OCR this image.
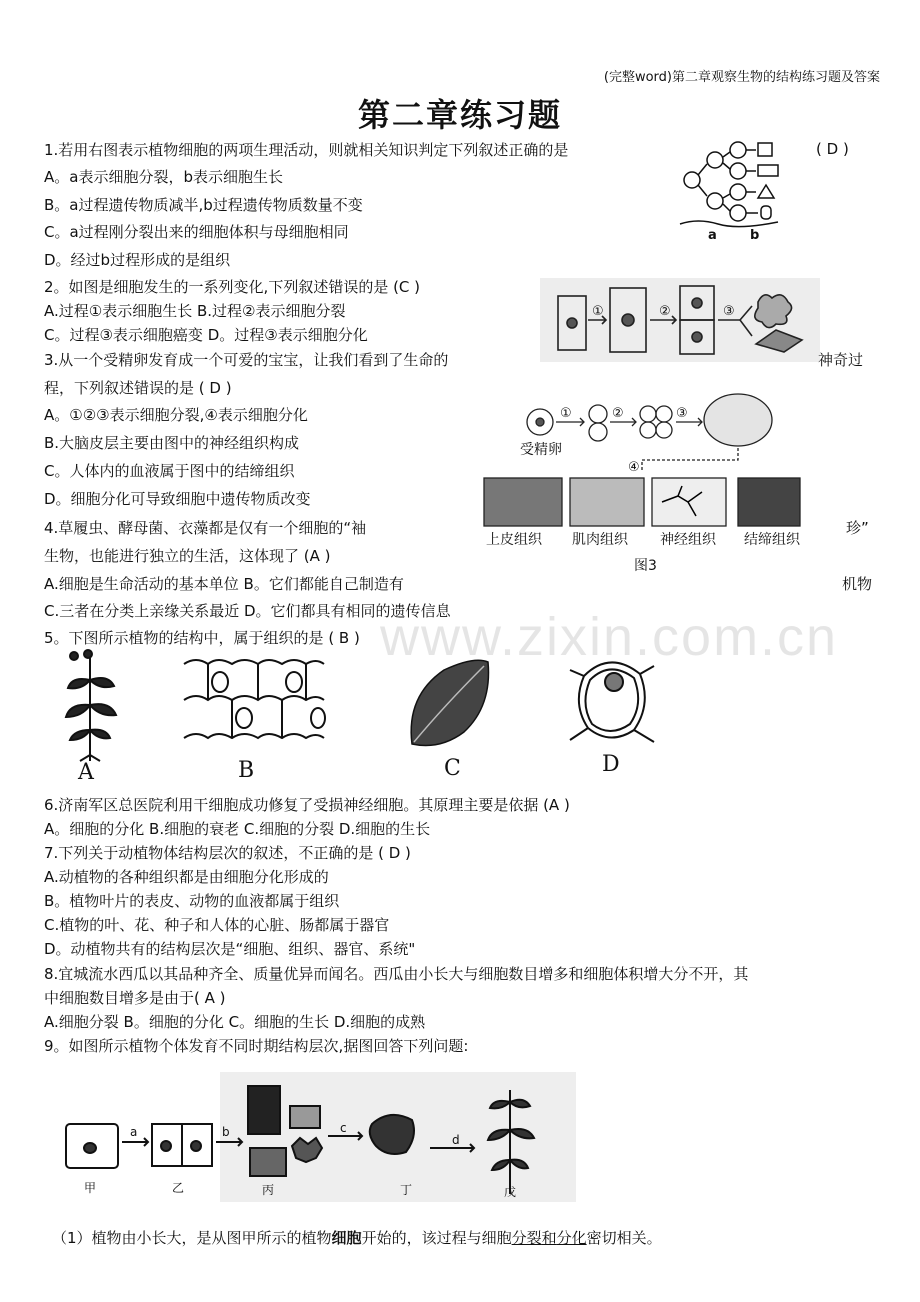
(完整word)第二章观察生物的结构练习题及答案
第二章练习题
www.zixin.com.cn
1.若用右图表示植物细胞的两项生理活动，则就相关知识判定下列叙述正确的是	( D )
A。a表示细胞分裂，b表示细胞生长
B。a过程遗传物质减半,b过程遗传物质数量不变
C。a过程刚分裂出来的细胞体积与母细胞相同
D。经过b过程形成的是组织
a	b
2。如图是细胞发生的一系列变化,下列叙述错误的是 (C )
A.过程①表示细胞生长 B.过程②表示细胞分裂
C。过程③表示细胞癌变 D。过程③表示细胞分化
①	②	③
3.从一个受精卵发育成一个可爱的宝宝，让我们看到了生命的	神奇过
程，下列叙述错误的是 ( D )
A。①②③表示细胞分裂,④表示细胞分化
B.大脑皮层主要由图中的神经组织构成
C。人体内的血液属于图中的结缔组织
D。细胞分化可导致细胞中遗传物质改变
受精卵
①	②	③
④
上皮组织 肌肉组织 神经组织 结缔组织
图3
4.草履虫、酵母菌、衣藻都是仅有一个细胞的“袖	珍”
生物，也能进行独立的生活，这体现了 (A )
A.细胞是生命活动的基本单位 B。它们都能自己制造有	机物
C.三者在分类上亲缘关系最近 D。它们都具有相同的遗传信息
5。下图所示植物的结构中，属于组织的是 ( B )
A	B	C	D
6.济南军区总医院利用干细胞成功修复了受损神经细胞。其原理主要是依据 (A )
A。细胞的分化 B.细胞的衰老 C.细胞的分裂 D.细胞的生长
7.下列关于动植物体结构层次的叙述，不正确的是 ( D )
A.动植物的各种组织都是由细胞分化形成的
B。植物叶片的表皮、动物的血液都属于组织
C.植物的叶、花、种子和人体的心脏、肠都属于器官
D。动植物共有的结构层次是“细胞、组织、器官、系统"
8.宜城流水西瓜以其品种齐全、质量优异而闻名。西瓜由小长大与细胞数目增多和细胞体积增大分不开，其
中细胞数目增多是由于( A )
A.细胞分裂 B。细胞的分化 C。细胞的生长 D.细胞的成熟
9。如图所示植物个体发育不同时期结构层次,据图回答下列问题:
甲	乙	丙	丁	戊
a	b	c
d
（1）植物由小长大，是从图甲所示的植物细胞开始的，该过程与细胞分裂和分化密切相关。
